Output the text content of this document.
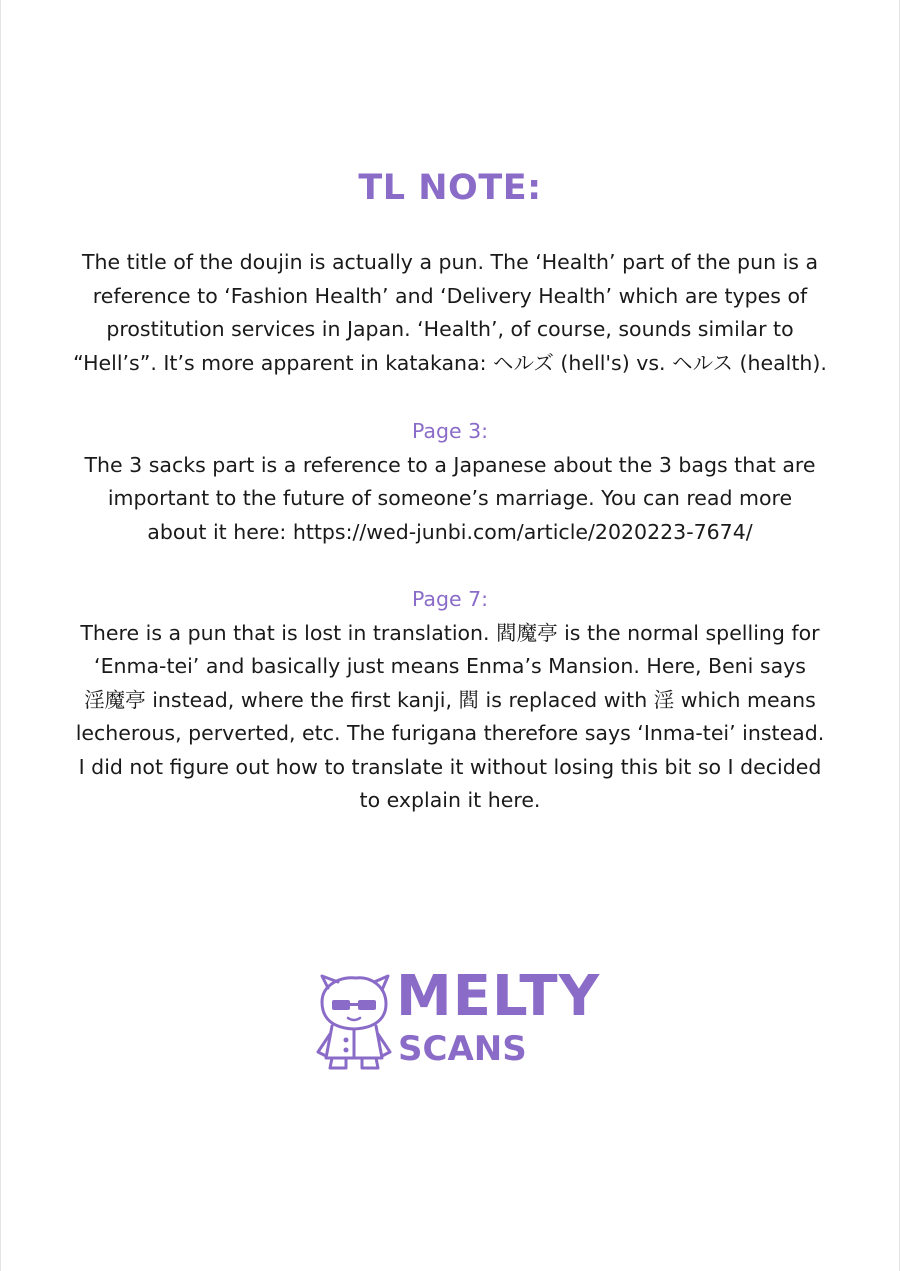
TL NOTE:

The title of the doujin is actually a pun. The ‘Health’ part of the pun is a

reference to ‘Fashion Health’ and ‘Delivery Health’ which are types of

prostitution services in Japan. ‘Health’, of course, sounds similar to

“Hell’s”. It’s more apparent in katakana: ヘルズ (hell's) vs. ヘルス (health).

Page 3:

The 3 sacks part is a reference to a Japanese about the 3 bags that are

important to the future of someone’s marriage. You can read more

about it here: https://wed-junbi.com/article/2020223-7674/

Page 7:

There is a pun that is lost in translation. 閻魔亭 is the normal spelling for

‘Enma-tei’ and basically just means Enma’s Mansion. Here, Beni says

淫魔亭 instead, where the first kanji, 閻 is replaced with 淫 which means

lecherous, perverted, etc. The furigana therefore says ‘Inma-tei’ instead.

I did not figure out how to translate it without losing this bit so I decided

to explain it here.

MELTY

SCANS
